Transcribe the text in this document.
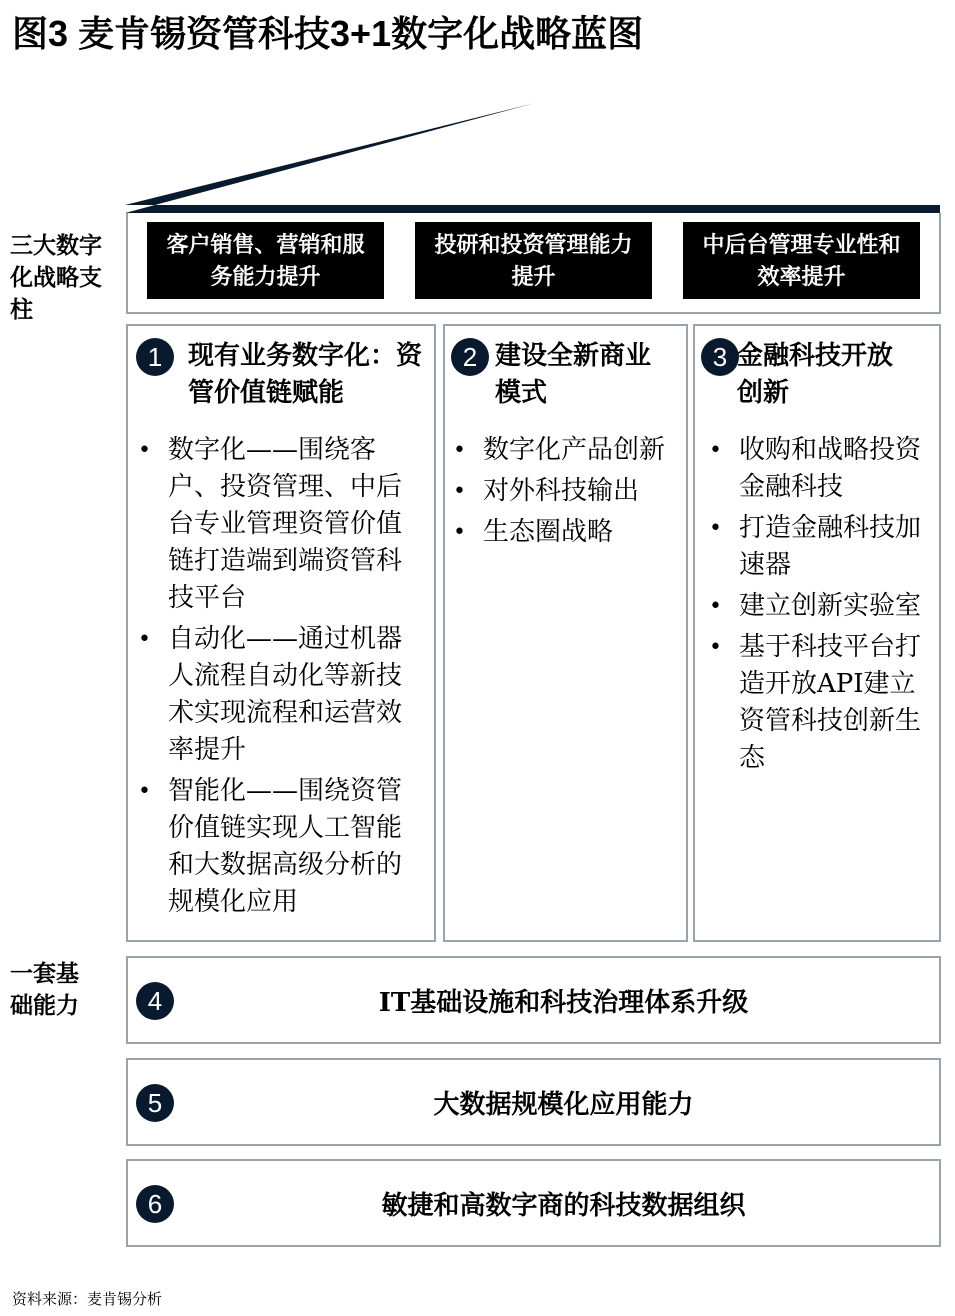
图3 麦肯锡资管科技3+1数字化战略蓝图
客户体验和员工体验提升
三大数字化战略支柱
一套基础能力
客户销售、营销和服务能力提升
投研和投资管理能力提升
中后台管理专业性和效率提升
1 现有业务数字化：资管价值链赋能
• 数字化——围绕客户、投资管理、中后台专业管理资管价值链打造端到端资管科技平台
• 自动化——通过机器人流程自动化等新技术实现流程和运营效率提升
• 智能化——围绕资管价值链实现人工智能和大数据高级分析的规模化应用
2 建设全新商业模式
• 数字化产品创新
• 对外科技输出
• 生态圈战略
3 金融科技开放创新
• 收购和战略投资金融科技
• 打造金融科技加速器
• 建立创新实验室
• 基于科技平台打造开放API建立资管科技创新生态
4	IT基础设施和科技治理体系升级
5	大数据规模化应用能力
6	敏捷和高数字商的科技数据组织
资料来源：麦肯锡分析
